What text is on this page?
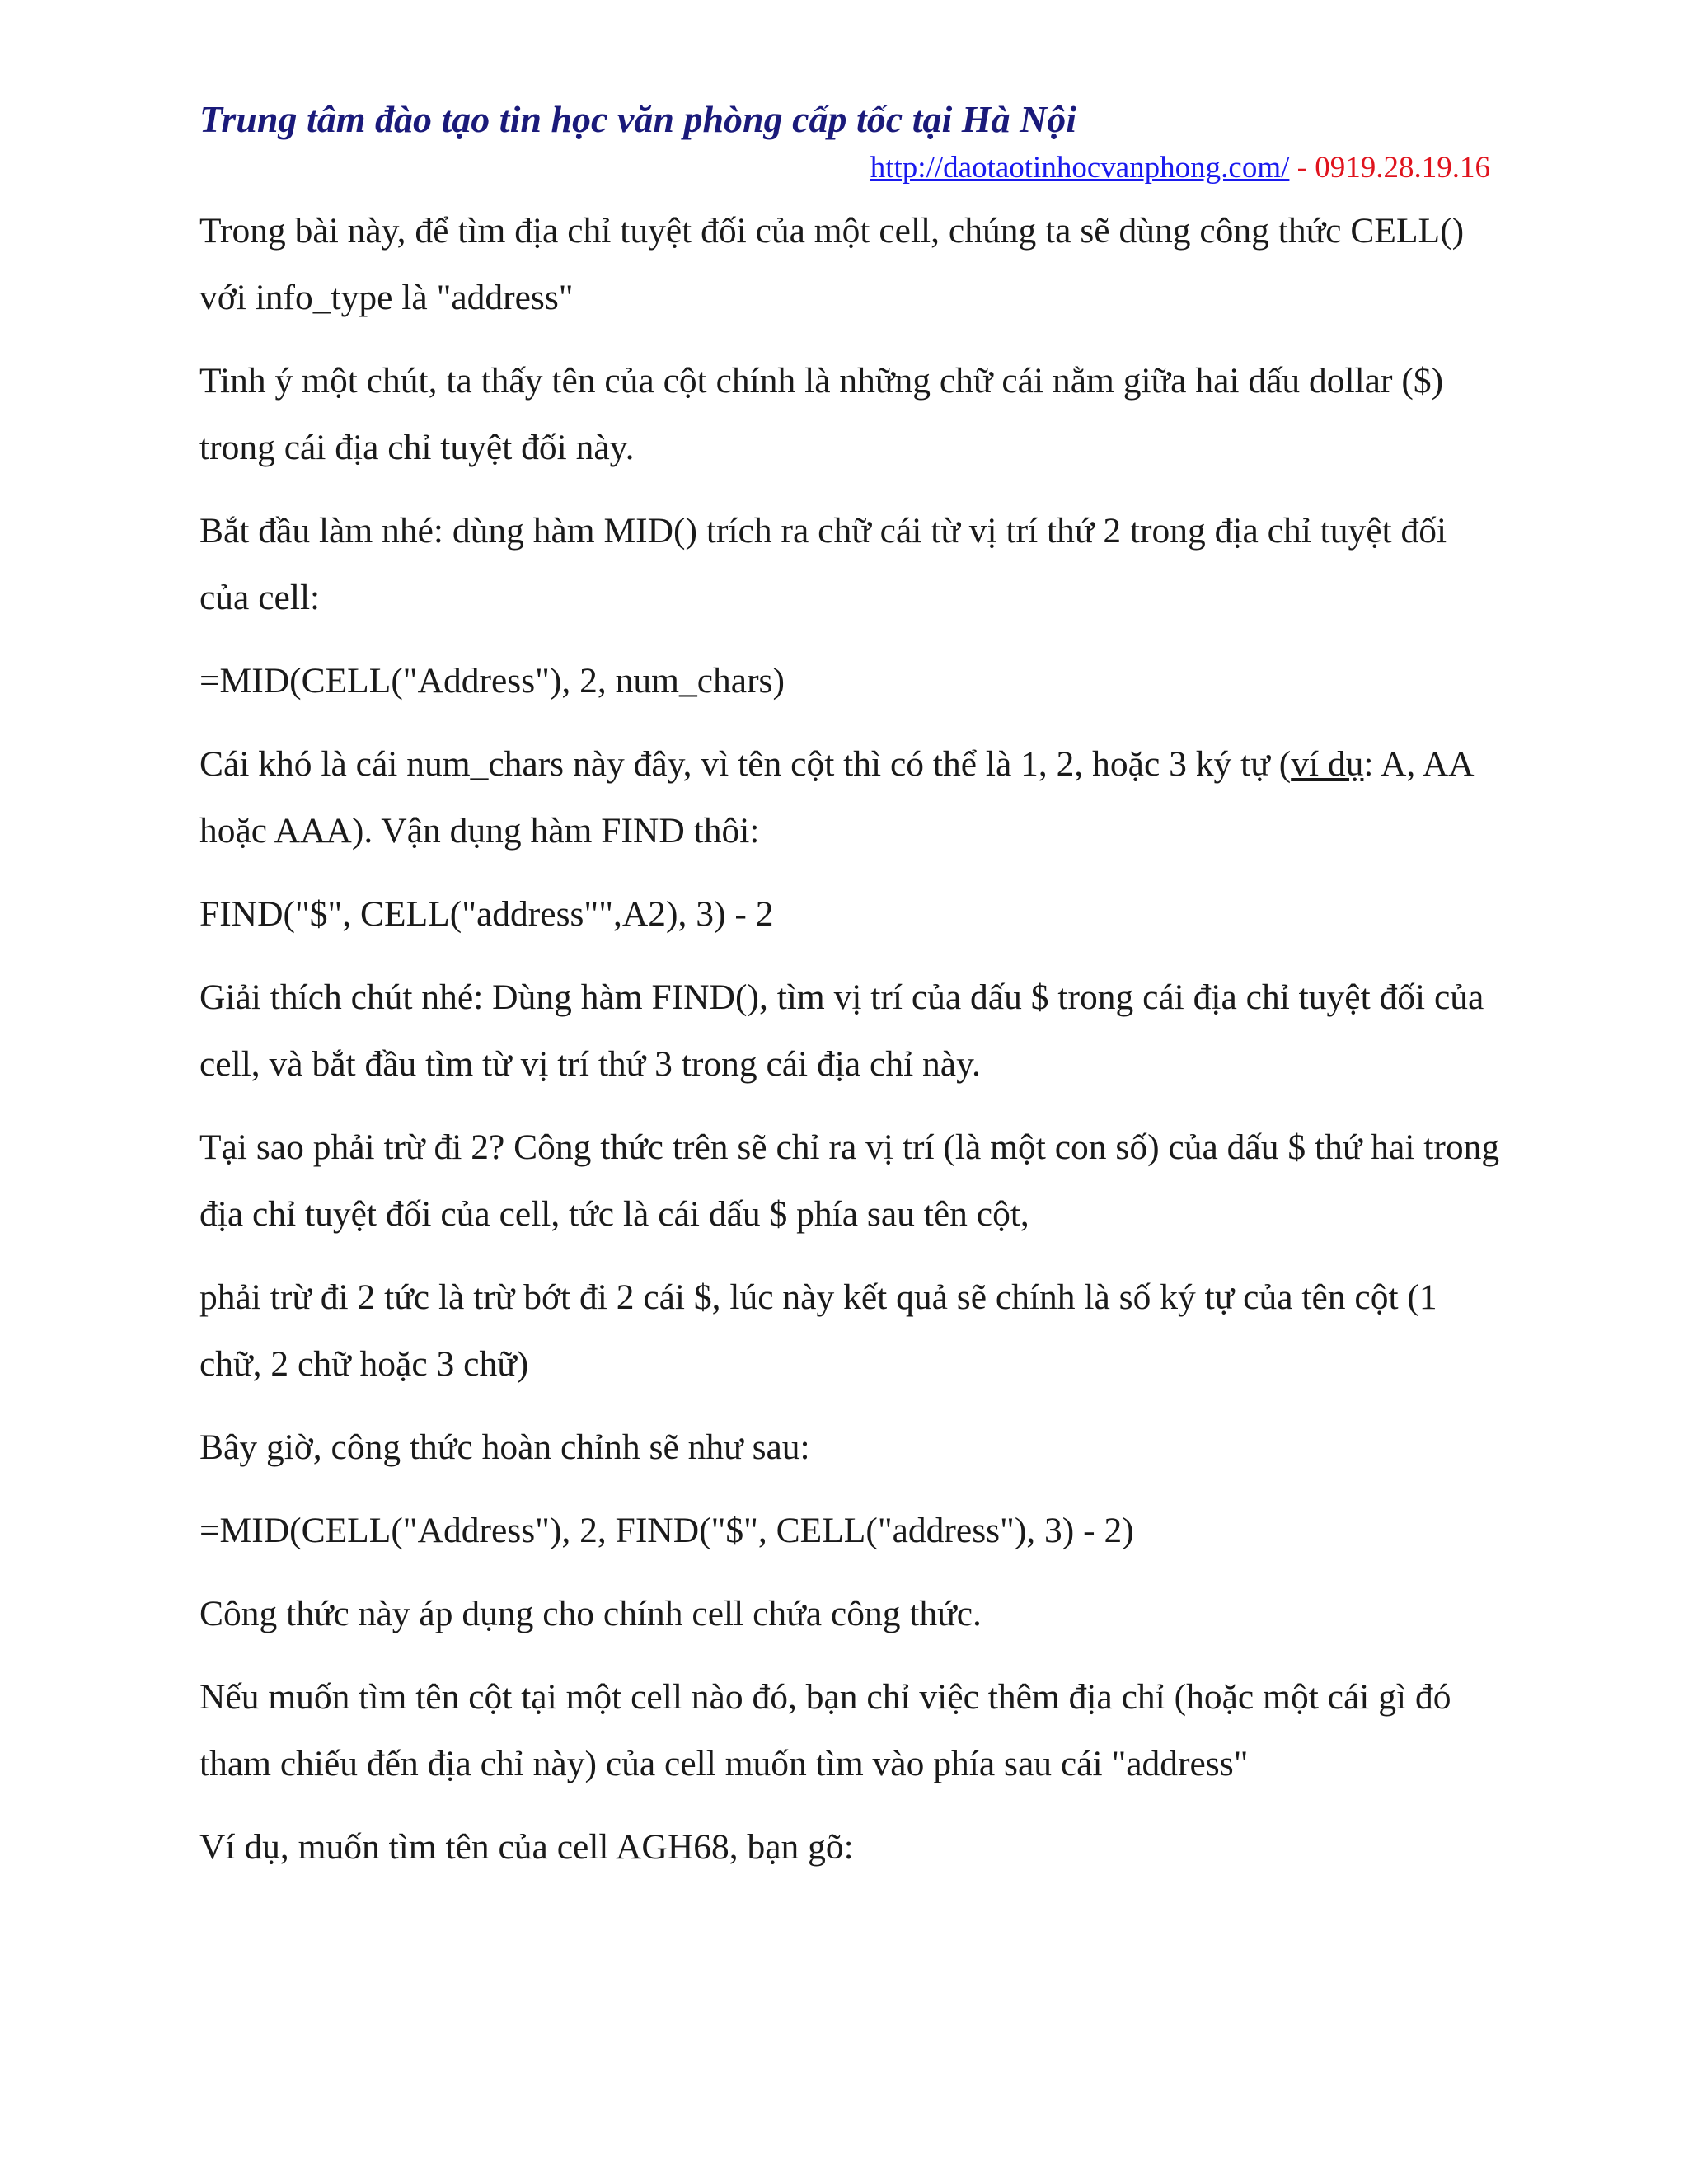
Trung tâm đào tạo tin học văn phòng cấp tốc tại Hà Nội
http://daotaotinhocvanphong.com/ - 0919.28.19.16

Trong bài này, để tìm địa chỉ tuyệt đối của một cell, chúng ta sẽ dùng công thức CELL() với info_type là "address"

Tinh ý một chút, ta thấy tên của cột chính là những chữ cái nằm giữa hai dấu dollar ($) trong cái địa chỉ tuyệt đối này.

Bắt đầu làm nhé: dùng hàm MID() trích ra chữ cái từ vị trí thứ 2 trong địa chỉ tuyệt đối của cell:

=MID(CELL("Address"), 2, num_chars)

Cái khó là cái num_chars này đây, vì tên cột thì có thể là 1, 2, hoặc 3 ký tự (ví dụ: A, AA hoặc AAA). Vận dụng hàm FIND thôi:

FIND("$", CELL("address"",A2), 3) - 2

Giải thích chút nhé: Dùng hàm FIND(), tìm vị trí của dấu $ trong cái địa chỉ tuyệt đối của cell, và bắt đầu tìm từ vị trí thứ 3 trong cái địa chỉ này.

Tại sao phải trừ đi 2? Công thức trên sẽ chỉ ra vị trí (là một con số) của dấu $ thứ hai trong địa chỉ tuyệt đối của cell, tức là cái dấu $ phía sau tên cột,

phải trừ đi 2 tức là trừ bớt đi 2 cái $, lúc này kết quả sẽ chính là số ký tự của tên cột (1 chữ, 2 chữ hoặc 3 chữ)

Bây giờ, công thức hoàn chỉnh sẽ như sau:

=MID(CELL("Address"), 2, FIND("$", CELL("address"), 3) - 2)

Công thức này áp dụng cho chính cell chứa công thức.

Nếu muốn tìm tên cột tại một cell nào đó, bạn chỉ việc thêm địa chỉ (hoặc một cái gì đó tham chiếu đến địa chỉ này) của cell muốn tìm vào phía sau cái "address"

Ví dụ, muốn tìm tên của cell AGH68, bạn gõ:
